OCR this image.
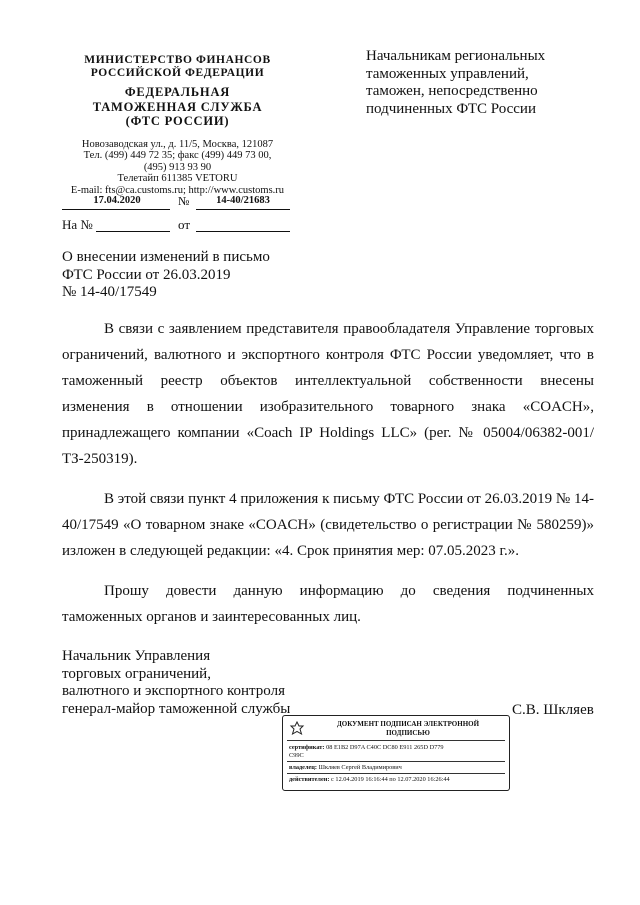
МИНИСТЕРСТВО ФИНАНСОВ
РОССИЙСКОЙ ФЕДЕРАЦИИ
ФЕДЕРАЛЬНАЯ
ТАМОЖЕННАЯ СЛУЖБА
(ФТС РОССИИ)
Новозаводская ул., д. 11/5, Москва, 121087
Тел. (499) 449 72 35; факс (499) 449 73 00,
(495) 913 93 90
Телетайп 611385 VETORU
E-mail: fts@ca.customs.ru; http://www.customs.ru
17.04.2020	№	14-40/21683
На №	от
Начальникам региональных
таможенных управлений,
таможен, непосредственно
подчиненных ФТС России
О внесении изменений в письмо
ФТС России от 26.03.2019
№ 14-40/17549

В связи с заявлением представителя правообладателя Управление торговых ограничений, валютного и экспортного контроля ФТС России уведомляет, что в таможенный реестр объектов интеллектуальной собственности внесены изменения в отношении изобразительного товарного знака «COACH», принадлежащего компании «Coach IP Holdings LLC» (рег. № 05004/06382-001/ТЗ-250319).

В этой связи пункт 4 приложения к письму ФТС России от 26.03.2019 № 14-40/17549 «О товарном знаке «COACH» (свидетельство о регистрации № 580259)» изложен в следующей редакции: «4. Срок принятия мер: 07.05.2023 г.».

Прошу довести данную информацию до сведения подчиненных таможенных органов и заинтересованных лиц.

Начальник Управления
торговых ограничений,
валютного и экспортного контроля
генерал-майор таможенной службы	С.В. Шкляев
ДОКУМЕНТ ПОДПИСАН ЭЛЕКТРОННОЙ
ПОДПИСЬЮ
сертификат: 08 E1B2 D97A C40C DC80 E911 265D D779
C99C
владелец: Шкляев Сергей Владимирович
действителен: с 12.04.2019 16:16:44 по 12.07.2020 16:26:44
